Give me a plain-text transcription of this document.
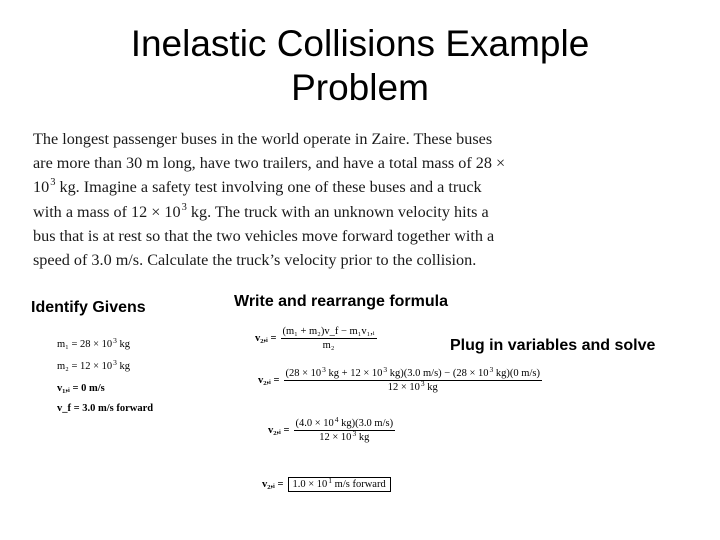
Inelastic Collisions Example
Problem
The longest passenger buses in the world operate in Zaire. These buses
are more than 30 m long, have two trailers, and have a total mass of 28 ×
$10^3$ kg. Imagine a safety test involving one of these buses and a truck
with a mass of $12 \times 10^3$ kg. The truck with an unknown velocity hits a
bus that is at rest so that the two vehicles move forward together with a
speed of 3.0 m/s. Calculate the truck’s velocity prior to the collision.
Identify Givens	Write and rearrange formula
Plug in variables and solve
$m_1 = 28 \times 10^3$ kg
$m_2 = 12 \times 10^3$ kg
v₁,ᵢ = 0 m/s
v_f = 3.0 m/s forward
v₂,ᵢ = $\frac{\text{(m₁ + m₂)v\_f − m₁v₁,ᵢ}}{\text{m₂}}$
v₂,ᵢ = $\frac{(28 \times 10^3 kg + 12 \times 10^3 kg)(3.0 m/s) - (28 \times 10^3 kg)(0 m/s)}{12 \times 10^3 kg}$
v₂,ᵢ = $\frac{(4.0 \times 10^4 kg)(3.0 m/s)}{12 \times 10^3 kg}$
v₂,ᵢ = $1.0 \times 10^1$ m/s forward
